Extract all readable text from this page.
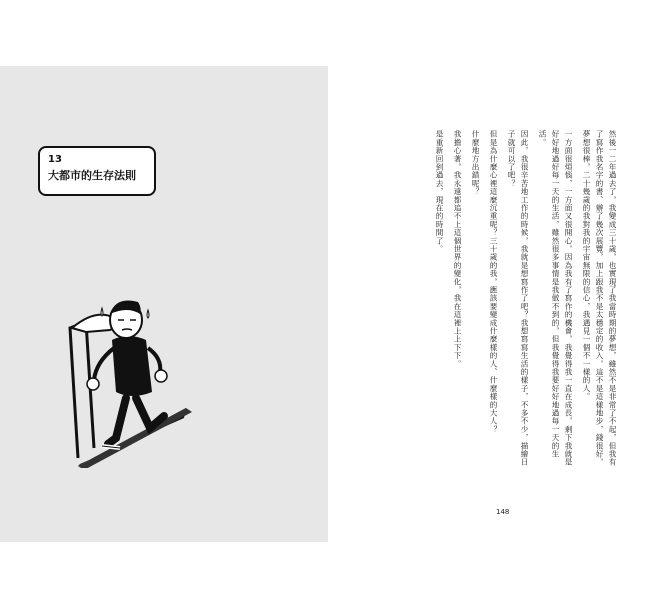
13
大都市的生存法則	然後一二年過去了，我變成三十歲，也實現了我當時期的夢想，雖然不是非常了不起，但我有了寫作我名字的書、辦了幾次展覽，加上跟我不是太穩定的收入，這不是這樣地步，錢很好，夢想很棒，二十幾歲的我對我的宇宙無限的信心，我遇見一個不一樣的人。

一方面很煩惱，一方面又很開心，因為我有了寫作的機會，我覺得我一直在成長，剩下我就是好好地過好每一天的生活，雖然很多事情是我做不到的，但我覺得我要好好地過每一天的生活。

因此，我很辛苦地工作的時候，我就是想寫作了吧？我想寫寫生活的樣子，不多不少，描繪日子就可以了吧？

但是為什麼心裡這麼沉重呢？三十歲的我，應該要變成什麼樣的人、什麼樣的大人？

什麼地方出錯呢？

我擔心著，我永遠都追不上這個世界的變化，我在這裡上上下下。

是重新回到過去，現在的時間了。

148
